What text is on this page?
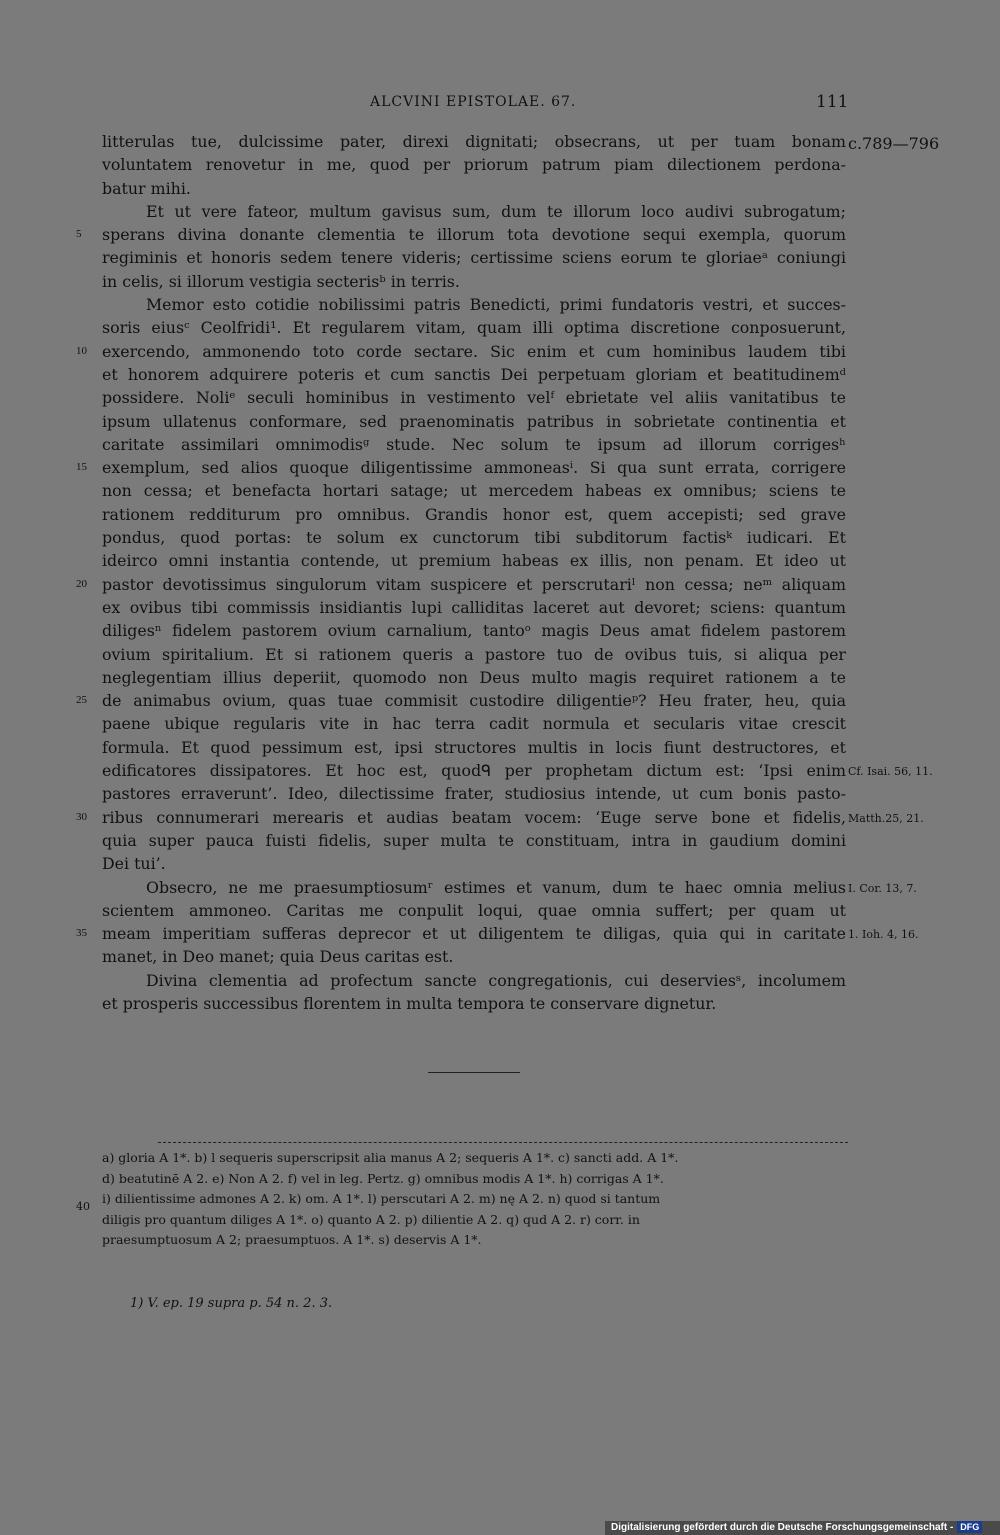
ALCVINI EPISTOLAE. 67.	111
c.789—796
litterulas tue, dulcissime pater, direxi dignitati; obsecrans, ut per tuam bonam
voluntatem renovetur in me, quod per priorum patrum piam dilectionem perdona-
batur mihi.
Et ut vere fateor, multum gavisus sum, dum te illorum loco audivi subrogatum;
sperans divina donante clementia te illorum tota devotione sequi exempla, quorum
regiminis et honoris sedem tenere videris; certissime sciens eorum te gloriaeᵃ coniungi
in celis, si illorum vestigia secterisᵇ in terris.
Memor esto cotidie nobilissimi patris Benedicti, primi fundatoris vestri, et succes-
soris eiusᶜ Ceolfridi¹. Et regularem vitam, quam illi optima discretione conposuerunt,
exercendo, ammonendo toto corde sectare. Sic enim et cum hominibus laudem tibi
et honorem adquirere poteris et cum sanctis Dei perpetuam gloriam et beatitudinemᵈ
possidere. Noliᵉ seculi hominibus in vestimento velᶠ ebrietate vel aliis vanitatibus te
ipsum ullatenus conformare, sed praenominatis patribus in sobrietate continentia et
caritate assimilari omnimodisᵍ stude. Nec solum te ipsum ad illorum corrigesʰ
exemplum, sed alios quoque diligentissime ammoneasⁱ. Si qua sunt errata, corrigere
non cessa; et benefacta hortari satage; ut mercedem habeas ex omnibus; sciens te
rationem redditurum pro omnibus. Grandis honor est, quem accepisti; sed grave
pondus, quod portas: te solum ex cunctorum tibi subditorum factisᵏ iudicari. Et
ideirco omni instantia contende, ut premium habeas ex illis, non penam. Et ideo ut
pastor devotissimus singulorum vitam suspicere et perscrutariˡ non cessa; neᵐ aliquam
ex ovibus tibi commissis insidiantis lupi calliditas laceret aut devoret; sciens: quantum
diligesⁿ fidelem pastorem ovium carnalium, tantoᵒ magis Deus amat fidelem pastorem
ovium spiritalium. Et si rationem queris a pastore tuo de ovibus tuis, si aliqua per
neglegentiam illius deperiit, quomodo non Deus multo magis requiret rationem a te
de animabus ovium, quas tuae commisit custodire diligentieᵖ? Heu frater, heu, quia
paene ubique regularis vite in hac terra cadit normula et secularis vitae crescit
formula. Et quod pessimum est, ipsi structores multis in locis fiunt destructores, et
edificatores dissipatores. Et hoc est, quodᑫ per prophetam dictum est: ‘Ipsi enim
pastores erraverunt’. Ideo, dilectissime frater, studiosius intende, ut cum bonis pasto-
ribus connumerari merearis et audias beatam vocem: ‘Euge serve bone et fidelis,
quia super pauca fuisti fidelis, super multa te constituam, intra in gaudium domini
Dei tui’.
Obsecro, ne me praesumptiosumʳ estimes et vanum, dum te haec omnia melius
scientem ammoneo. Caritas me conpulit loqui, quae omnia suffert; per quam ut
meam imperitiam sufferas deprecor et ut diligentem te diligas, quia qui in caritate
manet, in Deo manet; quia Deus caritas est.
Divina clementia ad profectum sancte congregationis, cui deserviesˢ, incolumem
et prosperis successibus florentem in multa tempora te conservare dignetur.
5
10
15
20
25
30
35
Cf. Isai. 56, 11.
Matth.25, 21.
I. Cor. 13, 7.
1. Ioh. 4, 16.
40
a) gloria A 1*. b) l sequeris superscripsit alia manus A 2; sequeris A 1*. c) sancti add. A 1*.
d) beatutinē A 2. e) Non A 2. f) vel in leg. Pertz. g) omnibus modis A 1*. h) corrigas A 1*.
i) dilientissime admones A 2. k) om. A 1*. l) perscutari A 2. m) nę A 2. n) quod si tantum
diligis pro quantum diliges A 1*. o) quanto A 2. p) dilientie A 2. q) qud A 2. r) corr. in
praesumptuosum A 2; praesumptuos. A 1*. s) deservis A 1*.
1) V. ep. 19 supra p. 54 n. 2. 3.
Digitalisierung gefördert durch die Deutsche Forschungsgemeinschaft - DFG
